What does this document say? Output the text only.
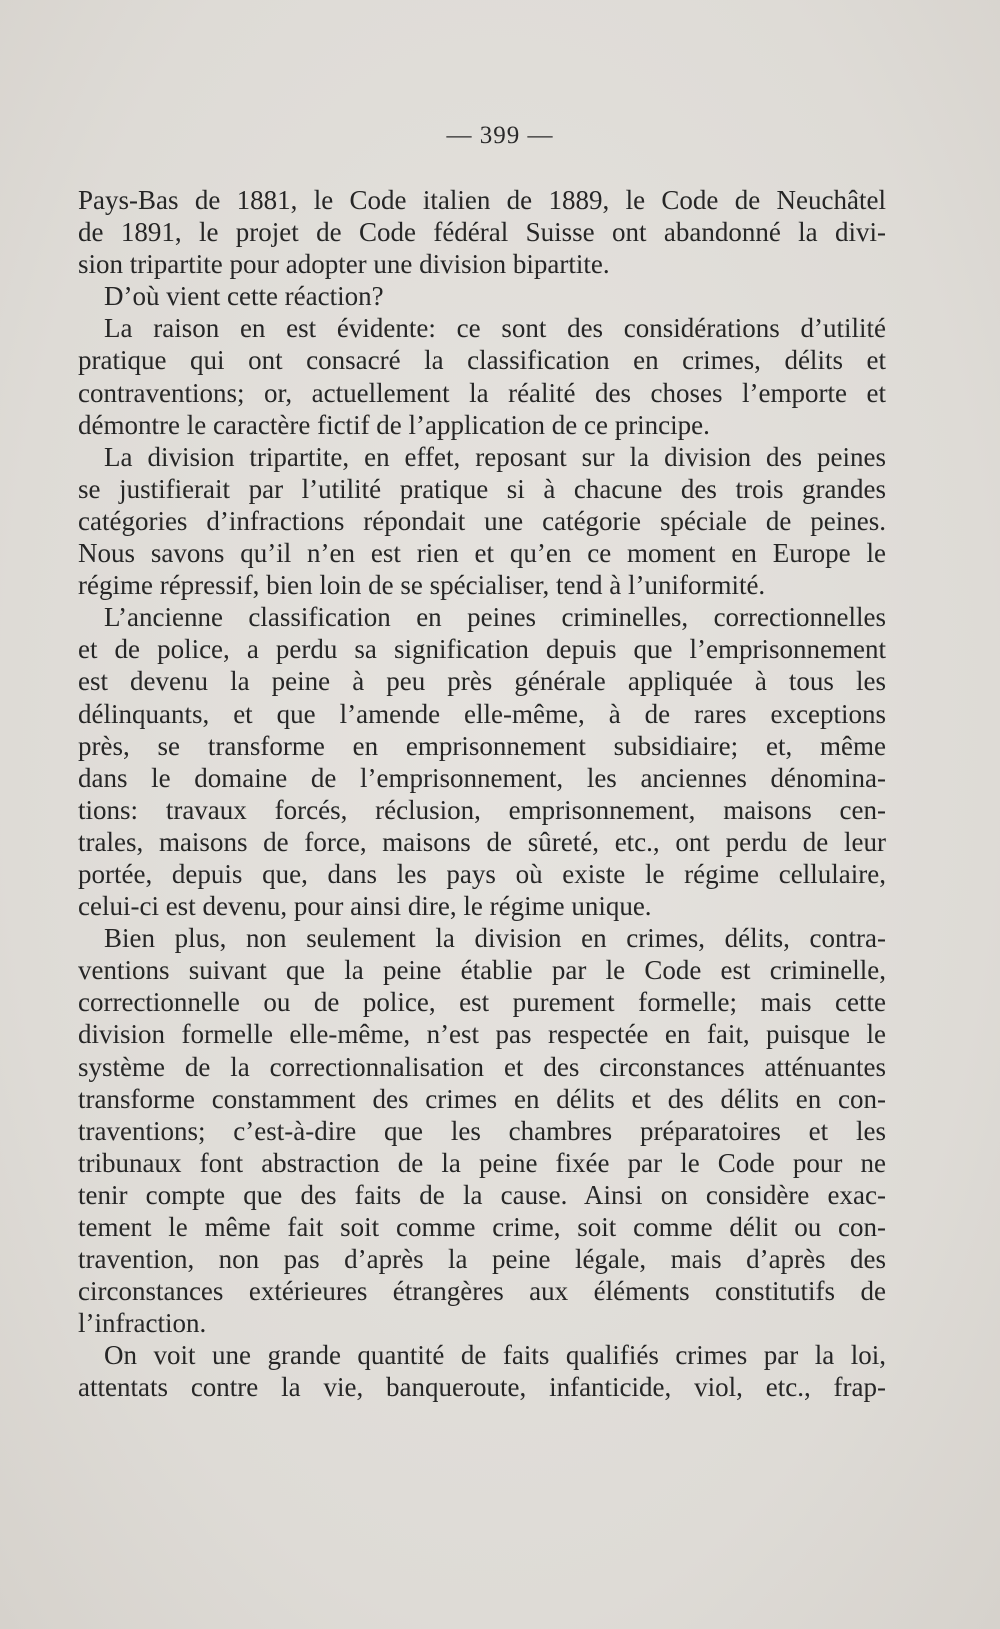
— 399 —
Pays-Bas de 1881, le Code italien de 1889, le Code de Neuchâtel
de 1891, le projet de Code fédéral Suisse ont abandonné la divi-
sion tripartite pour adopter une division bipartite.
D’où vient cette réaction?
La raison en est évidente: ce sont des considérations d’utilité
pratique qui ont consacré la classification en crimes, délits et
contraventions; or, actuellement la réalité des choses l’emporte et
démontre le caractère fictif de l’application de ce principe.
La division tripartite, en effet, reposant sur la division des peines
se justifierait par l’utilité pratique si à chacune des trois grandes
catégories d’infractions répondait une catégorie spéciale de peines.
Nous savons qu’il n’en est rien et qu’en ce moment en Europe le
régime répressif, bien loin de se spécialiser, tend à l’uniformité.
L’ancienne classification en peines criminelles, correctionnelles
et de police, a perdu sa signification depuis que l’emprisonnement
est devenu la peine à peu près générale appliquée à tous les
délinquants, et que l’amende elle-même, à de rares exceptions
près, se transforme en emprisonnement subsidiaire; et, même
dans le domaine de l’emprisonnement, les anciennes dénomina-
tions: travaux forcés, réclusion, emprisonnement, maisons cen-
trales, maisons de force, maisons de sûreté, etc., ont perdu de leur
portée, depuis que, dans les pays où existe le régime cellulaire,
celui-ci est devenu, pour ainsi dire, le régime unique.
Bien plus, non seulement la division en crimes, délits, contra-
ventions suivant que la peine établie par le Code est criminelle,
correctionnelle ou de police, est purement formelle; mais cette
division formelle elle-même, n’est pas respectée en fait, puisque le
système de la correctionnalisation et des circonstances atténuantes
transforme constamment des crimes en délits et des délits en con-
traventions; c’est-à-dire que les chambres préparatoires et les
tribunaux font abstraction de la peine fixée par le Code pour ne
tenir compte que des faits de la cause. Ainsi on considère exac-
tement le même fait soit comme crime, soit comme délit ou con-
travention, non pas d’après la peine légale, mais d’après des
circonstances extérieures étrangères aux éléments constitutifs de
l’infraction.
On voit une grande quantité de faits qualifiés crimes par la loi,
attentats contre la vie, banqueroute, infanticide, viol, etc., frap-
